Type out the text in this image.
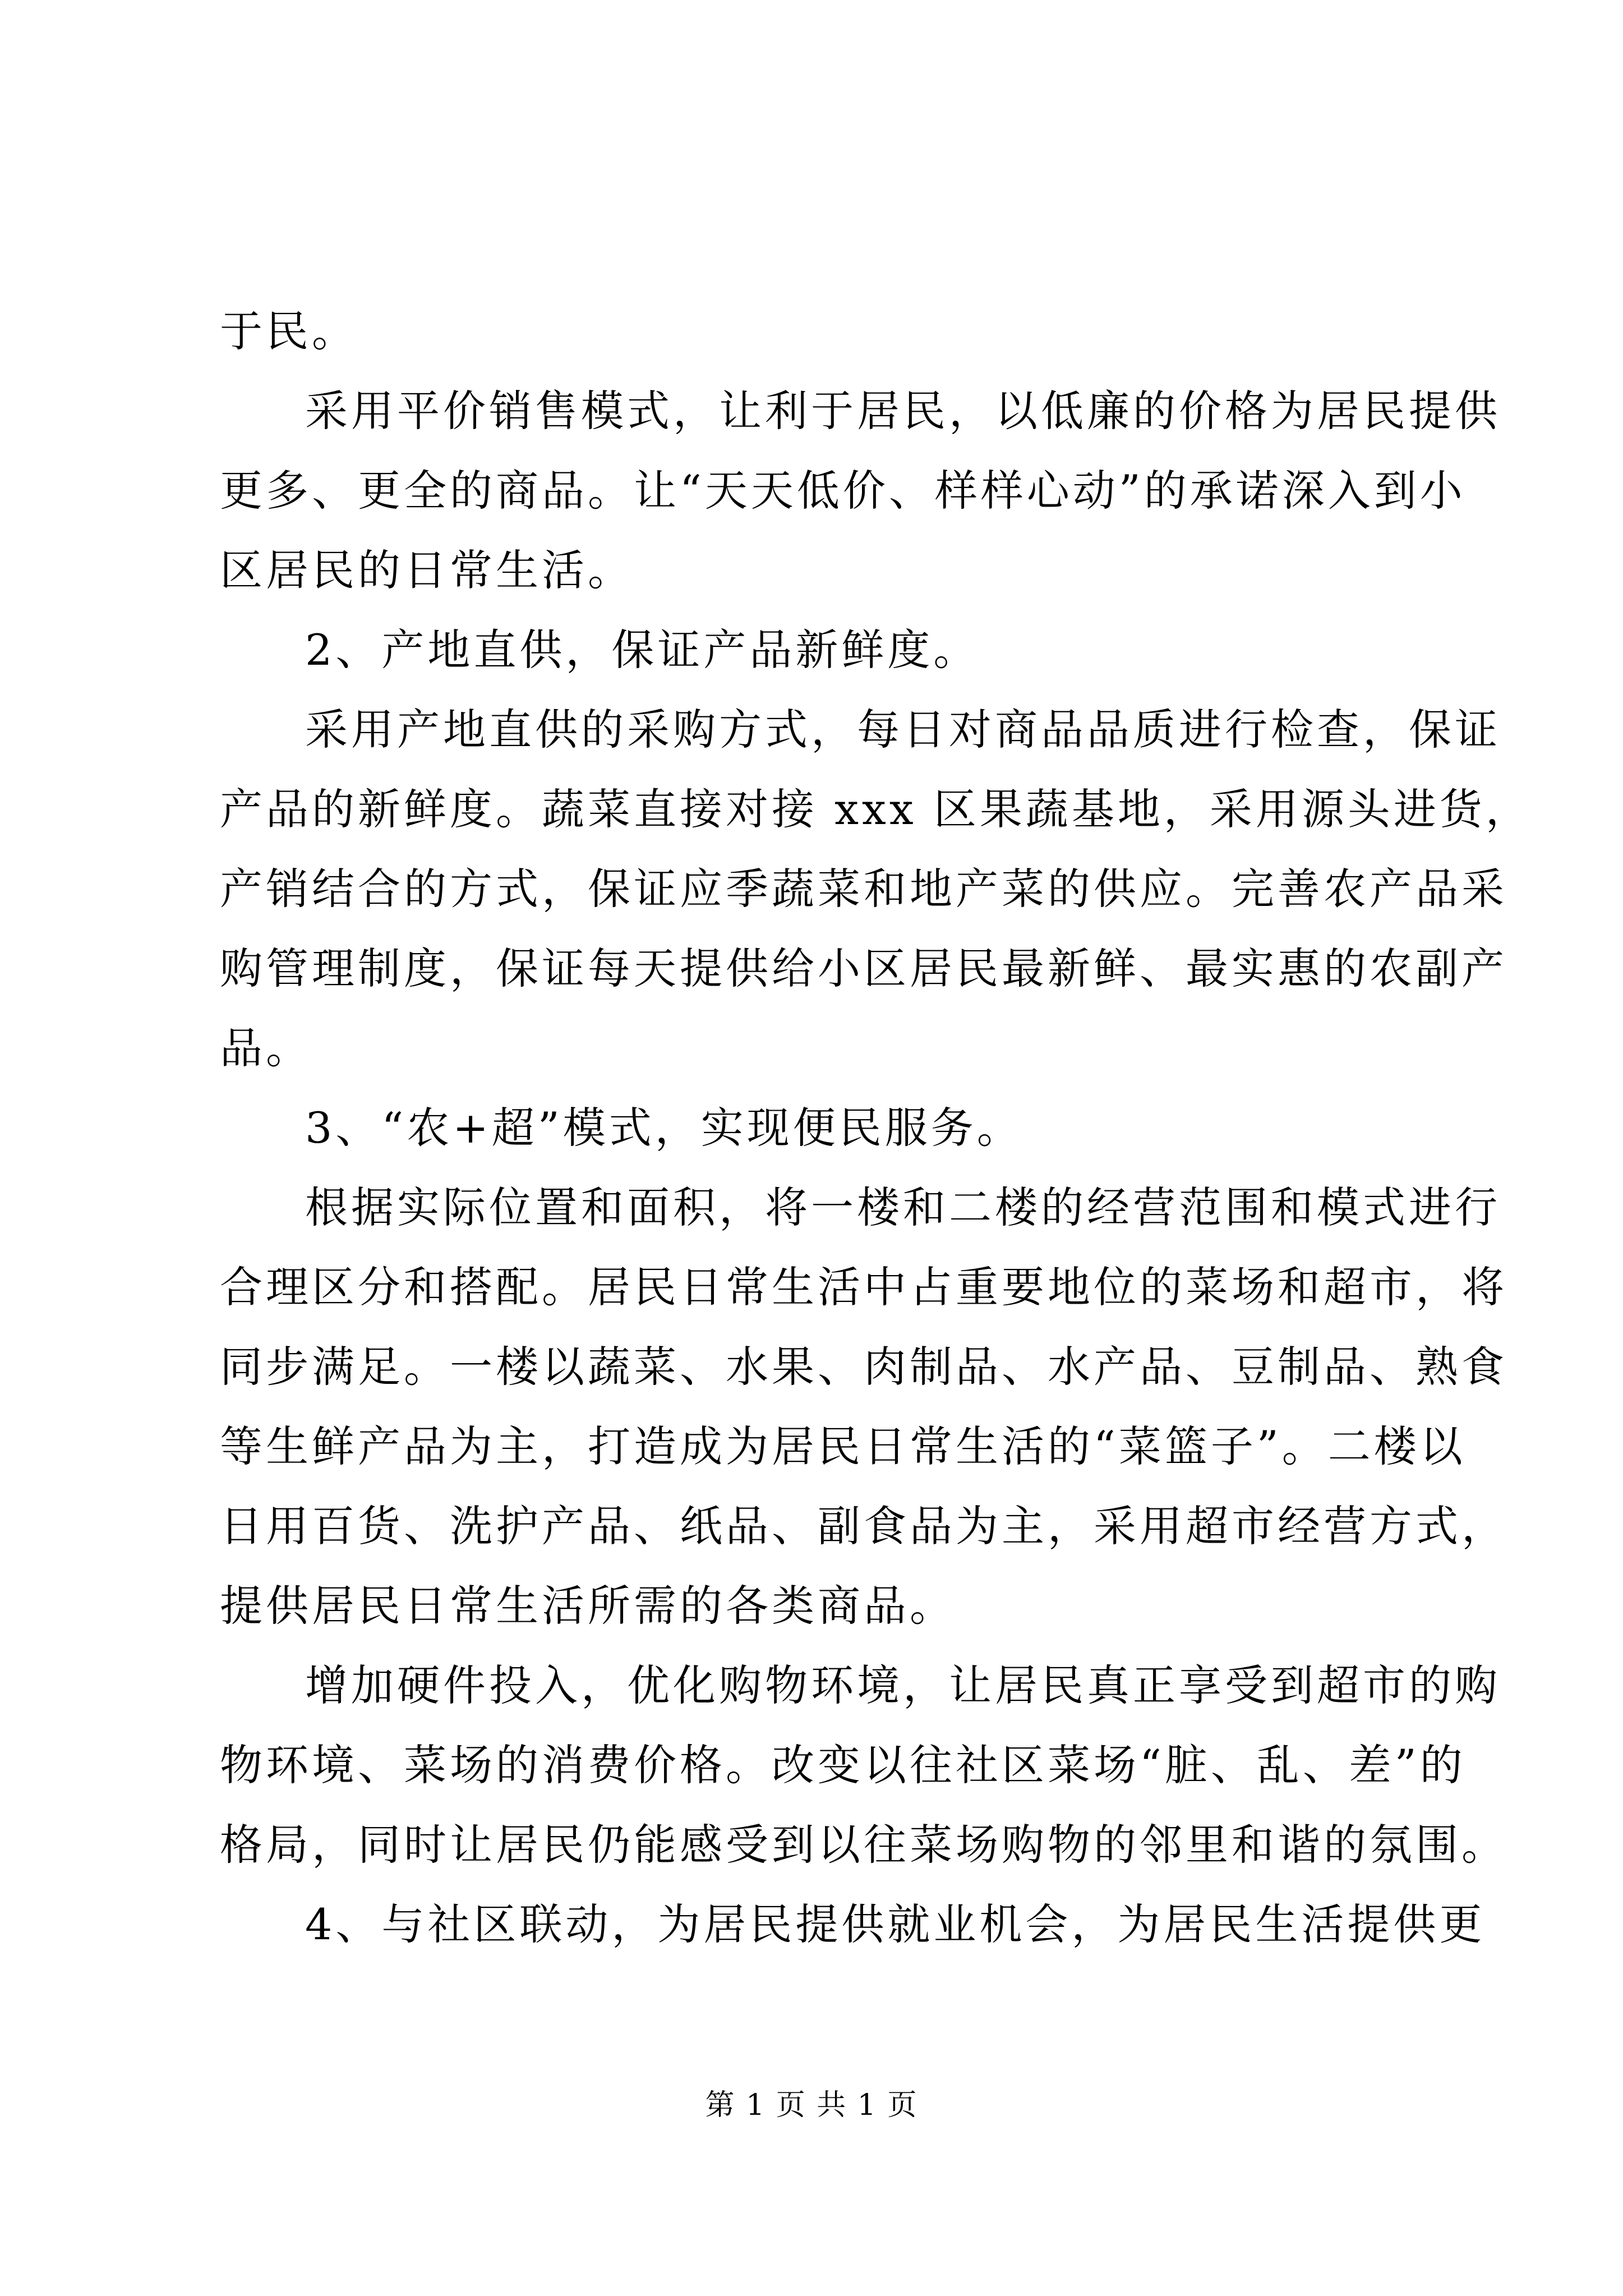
于民。

采用平价销售模式，让利于居民，以低廉的价格为居民提供

更多、更全的商品。让“天天低价、样样心动”的承诺深入到小

区居民的日常生活。

2、产地直供，保证产品新鲜度。

采用产地直供的采购方式，每日对商品品质进行检查，保证

产品的新鲜度。蔬菜直接对接 xxx 区果蔬基地，采用源头进货，

产销结合的方式，保证应季蔬菜和地产菜的供应。完善农产品采

购管理制度，保证每天提供给小区居民最新鲜、最实惠的农副产

品。

3、“农+超”模式，实现便民服务。

根据实际位置和面积，将一楼和二楼的经营范围和模式进行

合理区分和搭配。居民日常生活中占重要地位的菜场和超市，将

同步满足。一楼以蔬菜、水果、肉制品、水产品、豆制品、熟食

等生鲜产品为主，打造成为居民日常生活的“菜篮子”。二楼以

日用百货、洗护产品、纸品、副食品为主，采用超市经营方式，

提供居民日常生活所需的各类商品。

增加硬件投入，优化购物环境，让居民真正享受到超市的购

物环境、菜场的消费价格。改变以往社区菜场“脏、乱、差”的

格局，同时让居民仍能感受到以往菜场购物的邻里和谐的氛围。

4、与社区联动，为居民提供就业机会，为居民生活提供更

第 1 页 共 1 页
